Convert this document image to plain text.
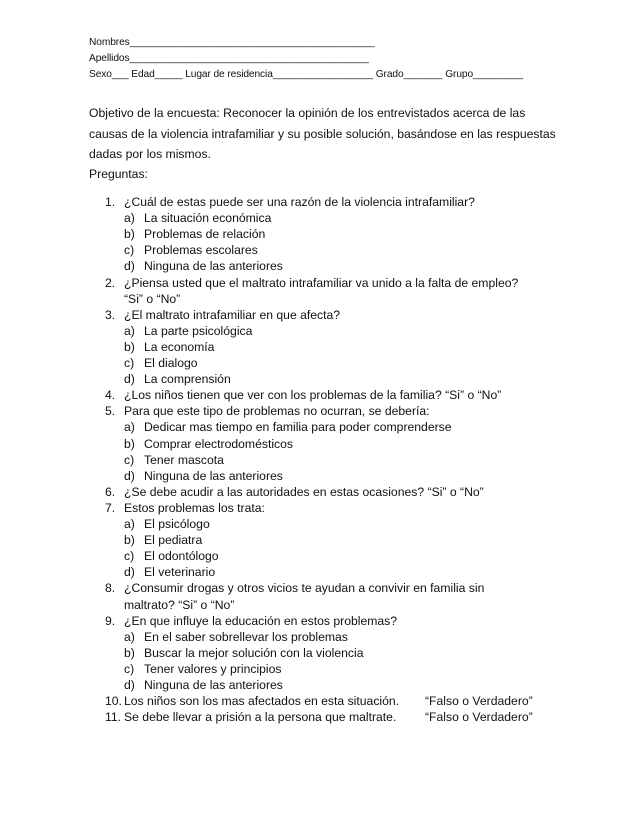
Nombres____________________________________________
Apellidos___________________________________________
Sexo___ Edad_____ Lugar de residencia__________________ Grado_______ Grupo_________
Objetivo de la encuesta: Reconocer la opinión de los entrevistados acerca de las causas de la violencia intrafamiliar y su posible solución, basándose en las respuestas dadas por los mismos.
Preguntas:
1. ¿Cuál de estas puede ser una razón de la violencia intrafamiliar?
a) La situación económica
b) Problemas de relación
c) Problemas escolares
d) Ninguna de las anteriores
2. ¿Piensa usted que el maltrato intrafamiliar va unido a la falta de empleo?
“Si” o “No”
3. ¿El maltrato intrafamiliar en que afecta?
a) La parte psicológica
b) La economía
c) El dialogo
d) La comprensión
4. ¿Los niños tienen que ver con los problemas de la familia? “Si” o “No”
5. Para que este tipo de problemas no ocurran, se debería:
a) Dedicar mas tiempo en familia para poder comprenderse
b) Comprar electrodomésticos
c) Tener mascota
d) Ninguna de las anteriores
6. ¿Se debe acudir a las autoridades en estas ocasiones? “Si” o “No”
7. Estos problemas los trata:
a) El psicólogo
b) El pediatra
c) El odontólogo
d) El veterinario
8. ¿Consumir drogas y otros vicios te ayudan a convivir en familia sin
maltrato? “Si” o “No”
9. ¿En que influye la educación en estos problemas?
a) En el saber sobrellevar los problemas
b) Buscar la mejor solución con la violencia
c) Tener valores y principios
d) Ninguna de las anteriores
10. Los niños son los mas afectados en esta situación. “Falso o Verdadero”
11. Se debe llevar a prisión a la persona que maltrate. “Falso o Verdadero”
